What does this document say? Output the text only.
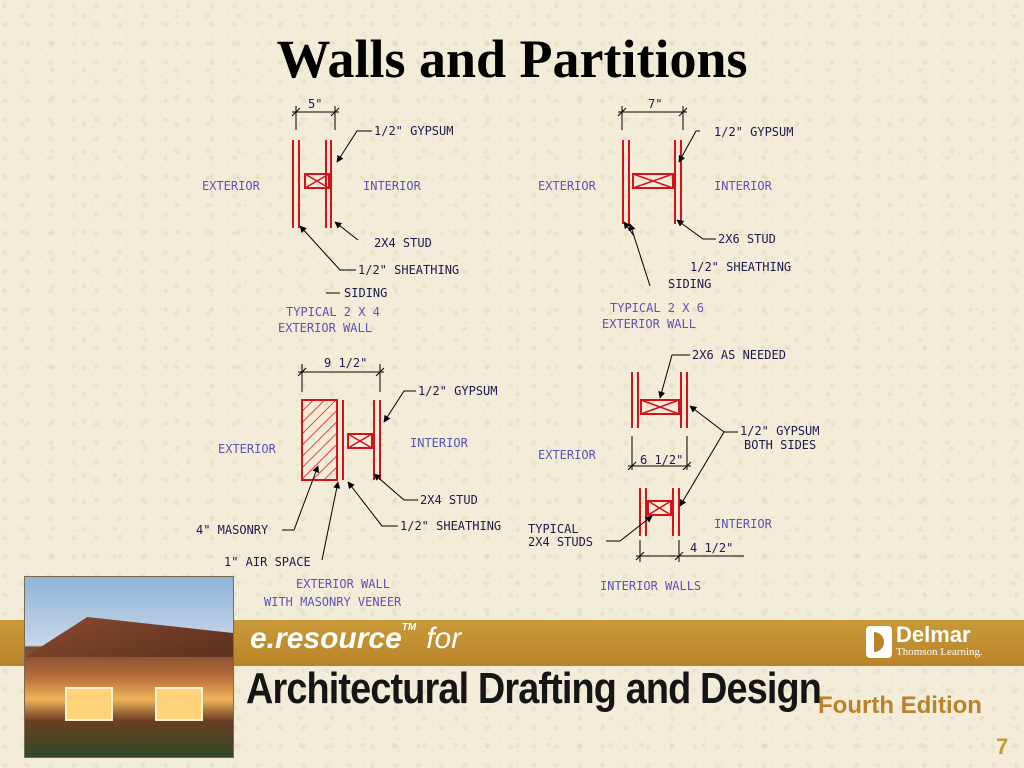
Walls and Partitions
5"
1/2" GYPSUM
EXTERIOR	INTERIOR
2X4 STUD
1/2" SHEATHING
SIDING
TYPICAL 2 X 4
EXTERIOR WALL
7"
1/2" GYPSUM
EXTERIOR	INTERIOR
2X6 STUD
1/2" SHEATHING
SIDING
TYPICAL 2 X 6
EXTERIOR WALL
9 1/2"
1/2" GYPSUM
EXTERIOR	INTERIOR
2X4 STUD
4" MASONRY	1/2" SHEATHING
1" AIR SPACE
EXTERIOR WALL
WITH MASONRY VENEER
6 1/2"
4 1/2"
2X6 AS NEEDED
1/2" GYPSUM
BOTH SIDES
EXTERIOR
TYPICAL
2X4 STUDS
INTERIOR
INTERIOR WALLS

e.resource™ for	Delmar

Thomson Learning.

Architectural Drafting and Design

Fourth Edition

7
